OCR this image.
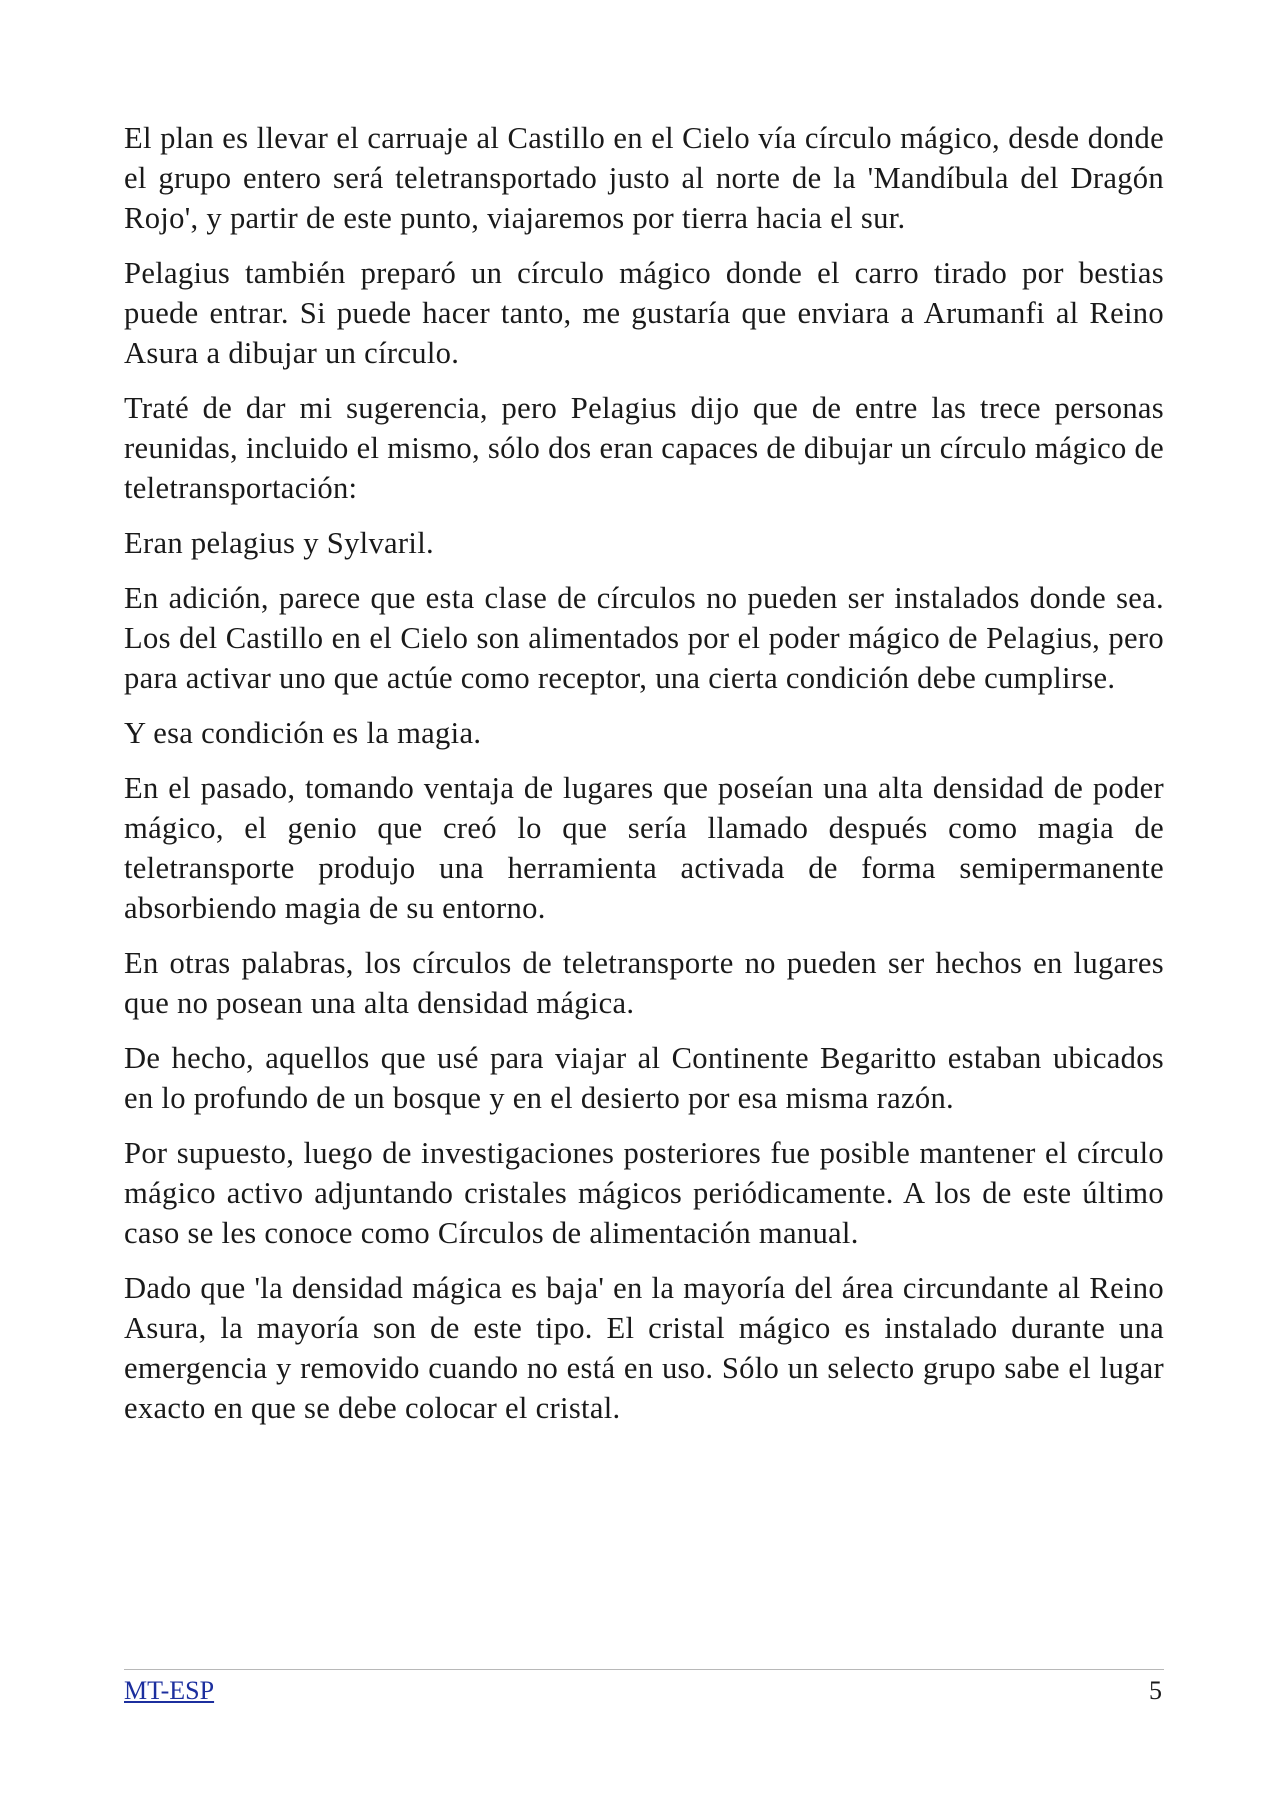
El plan es llevar el carruaje al Castillo en el Cielo vía círculo mágico, desde donde el grupo entero será teletransportado justo al norte de la 'Mandíbula del Dragón Rojo', y partir de este punto, viajaremos por tierra hacia el sur.

Pelagius también preparó un círculo mágico donde el carro tirado por bestias puede entrar. Si puede hacer tanto, me gustaría que enviara a Arumanfi al Reino Asura a dibujar un círculo.

Traté de dar mi sugerencia, pero Pelagius dijo que de entre las trece personas reunidas, incluido el mismo, sólo dos eran capaces de dibujar un círculo mágico de teletransportación:

Eran pelagius y Sylvaril.

En adición, parece que esta clase de círculos no pueden ser instalados donde sea. Los del Castillo en el Cielo son alimentados por el poder mágico de Pelagius, pero para activar uno que actúe como receptor, una cierta condición debe cumplirse.

Y esa condición es la magia.

En el pasado, tomando ventaja de lugares que poseían una alta densidad de poder mágico, el genio que creó lo que sería llamado después como magia de teletransporte produjo una herramienta activada de forma semipermanente absorbiendo magia de su entorno.

En otras palabras, los círculos de teletransporte no pueden ser hechos en lugares que no posean una alta densidad mágica.

De hecho, aquellos que usé para viajar al Continente Begaritto estaban ubicados en lo profundo de un bosque y en el desierto por esa misma razón.

Por supuesto, luego de investigaciones posteriores fue posible mantener el círculo mágico activo adjuntando cristales mágicos periódicamente. A los de este último caso se les conoce como Círculos de alimentación manual.

Dado que 'la densidad mágica es baja' en la mayoría del área circundante al Reino Asura, la mayoría son de este tipo. El cristal mágico es instalado durante una emergencia y removido cuando no está en uso. Sólo un selecto grupo sabe el lugar exacto en que se debe colocar el cristal.

MT-ESP	5
